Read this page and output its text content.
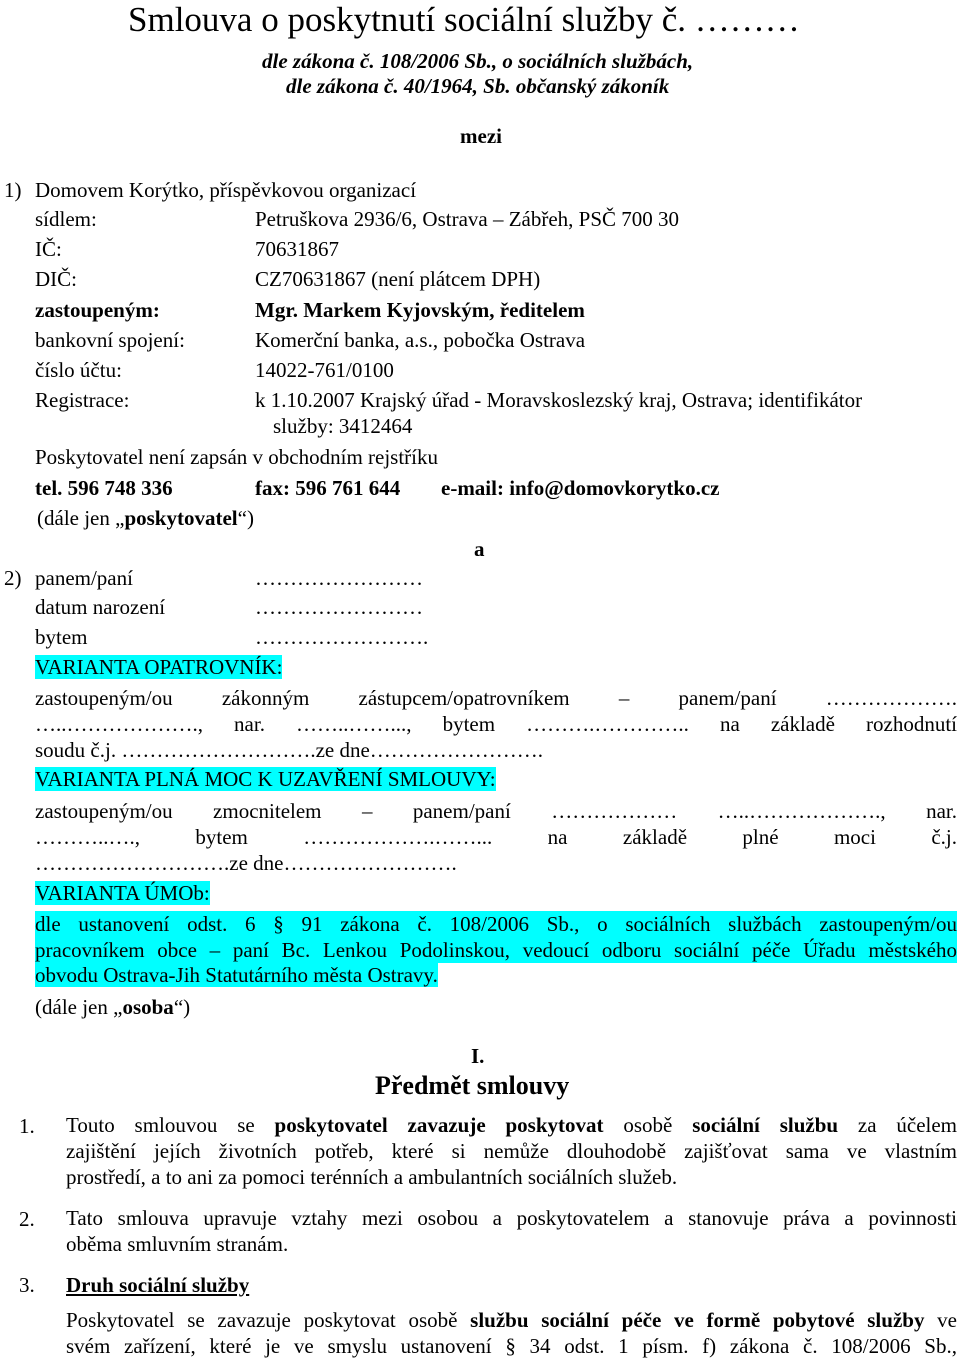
Smlouva o poskytnutí sociální služby č. ………
dle zákona č. 108/2006 Sb., o sociálních službách,
dle zákona č. 40/1964, Sb. občanský zákoník
mezi
1) Domovem Korýtko, příspěvkovou organizací
sídlem:	Petruškova 2936/6, Ostrava – Zábřeh, PSČ 700 30
IČ:	70631867
DIČ:	CZ70631867 (není plátcem DPH)
zastoupeným:	Mgr. Markem Kyjovským, ředitelem
bankovní spojení:	Komerční banka, a.s., pobočka Ostrava
číslo účtu:	14022-761/0100
Registrace:	k 1.10.2007 Krajský úřad - Moravskoslezský kraj, Ostrava; identifikátor
služby: 3412464
Poskytovatel není zapsán v obchodním rejstříku
tel. 596 748 336	fax: 596 761 644 e-mail: info@domovkorytko.cz
(dále jen „poskytovatel“)
a
2) panem/paní	……………………
datum narození	……………………
bytem	…………………….
VARIANTA OPATROVNÍK:
zastoupeným/ou zákonným zástupcem/opatrovníkem – panem/paní ……………….
…..………………., nar. ……..……..., bytem ……….………….. na základě rozhodnutí
soudu č.j. ……………………….ze dne…………………….
VARIANTA PLNÁ MOC K UZAVŘENÍ SMLOUVY:
zastoupeným/ou zmocnitelem – panem/paní ……………… …..………………., nar.
………..…., bytem ……………….……... na základě plné moci č.j.
……………………….ze dne…………………….
VARIANTA ÚMOb:
dle ustanovení odst. 6 § 91 zákona č. 108/2006 Sb., o sociálních službách zastoupeným/ou
pracovníkem obce – paní Bc. Lenkou Podolinskou, vedoucí odboru sociální péče Úřadu městského
obvodu Ostrava-Jih Statutárního města Ostravy.
(dále jen „osoba“)
I.
Předmět smlouvy
1. Touto smlouvou se poskytovatel zavazuje poskytovat osobě sociální službu za účelem
zajištění jejích životních potřeb, které si nemůže dlouhodobě zajišťovat sama ve vlastním
prostředí, a to ani za pomoci terénních a ambulantních sociálních služeb.
2. Tato smlouva upravuje vztahy mezi osobou a poskytovatelem a stanovuje práva a povinnosti
oběma smluvním stranám.
3. Druh sociální služby
Poskytovatel se zavazuje poskytovat osobě službu sociální péče ve formě pobytové služby ve
svém zařízení, které je ve smyslu ustanovení § 34 odst. 1 písm. f) zákona č. 108/2006 Sb.,
